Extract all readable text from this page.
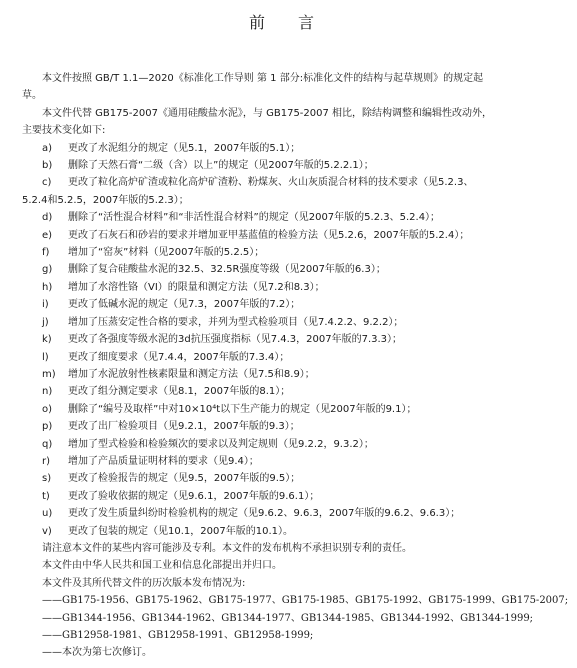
前 言
本文件按照 GB/T 1.1—2020《标准化工作导则 第 1 部分:标准化文件的结构与起草规则》的规定起
草。
本文件代替 GB175-2007《通用硅酸盐水泥》，与 GB175-2007 相比，除结构调整和编辑性改动外，
主要技术变化如下:
a) 更改了水泥组分的规定（见5.1，2007年版的5.1）；
b) 删除了天然石膏“二级（含）以上”的规定（见2007年版的5.2.2.1）；
c) 更改了粒化高炉矿渣或粒化高炉矿渣粉、粉煤灰、火山灰质混合材料的技术要求（见5.2.3、
5.2.4和5.2.5，2007年版的5.2.3）；
d) 删除了“活性混合材料”和“非活性混合材料”的规定（见2007年版的5.2.3、5.2.4）；
e) 更改了石灰石和砂岩的要求并增加亚甲基蓝值的检验方法（见5.2.6，2007年版的5.2.4）；
f) 增加了“窑灰”材料（见2007年版的5.2.5）；
g) 删除了复合硅酸盐水泥的32.5、32.5R强度等级（见2007年版的6.3）；
h) 增加了水溶性铬（VI）的限量和测定方法（见7.2和8.3）；
i) 更改了低碱水泥的规定（见7.3，2007年版的7.2）；
j) 增加了压蒸安定性合格的要求，并列为型式检验项目（见7.4.2.2、9.2.2）；
k) 更改了各强度等级水泥的3d抗压强度指标（见7.4.3，2007年版的7.3.3）；
l) 更改了细度要求（见7.4.4，2007年版的7.3.4）；
m) 增加了水泥放射性核素限量和测定方法（见7.5和8.9）；
n) 更改了组分测定要求（见8.1，2007年版的8.1）；
o) 删除了“编号及取样”中对10×10⁴t以下生产能力的规定（见2007年版的9.1）；
p) 更改了出厂检验项目（见9.2.1，2007年版的9.3）；
q) 增加了型式检验和检验频次的要求以及判定规则（见9.2.2，9.3.2）；
r) 增加了产品质量证明材料的要求（见9.4）；
s) 更改了检验报告的规定（见9.5，2007年版的9.5）；
t) 更改了验收依据的规定（见9.6.1，2007年版的9.6.1）；
u) 更改了发生质量纠纷时检验机构的规定（见9.6.2、9.6.3，2007年版的9.6.2、9.6.3）；
v) 更改了包装的规定（见10.1，2007年版的10.1）。
请注意本文件的某些内容可能涉及专利。本文件的发布机构不承担识别专利的责任。
本文件由中华人民共和国工业和信息化部提出并归口。
本文件及其所代替文件的历次版本发布情况为:
——GB175-1956、GB175-1962、GB175-1977、GB175-1985、GB175-1992、GB175-1999、GB175-2007;
——GB1344-1956、GB1344-1962、GB1344-1977、GB1344-1985、GB1344-1992、GB1344-1999;
——GB12958-1981、GB12958-1991、GB12958-1999;
——本次为第七次修订。
